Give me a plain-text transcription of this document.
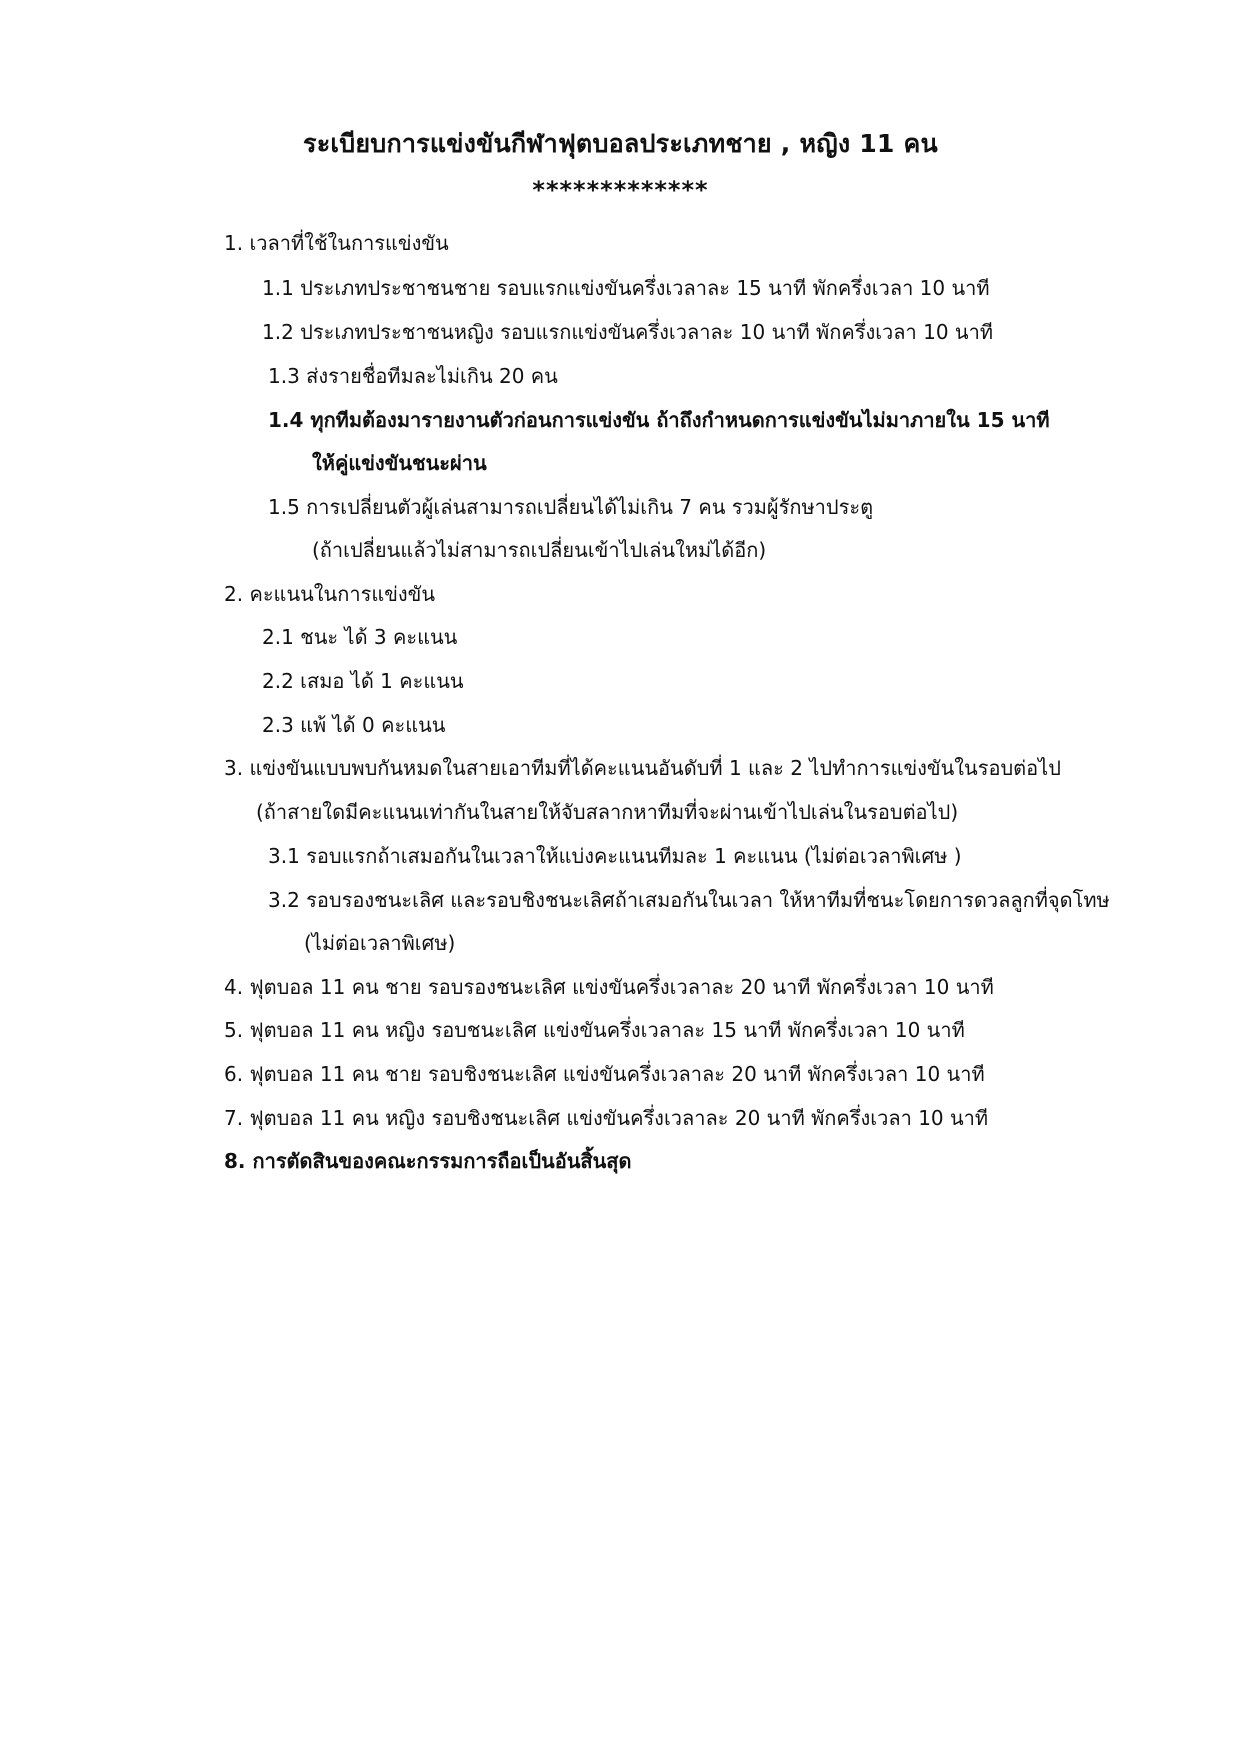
ระเบียบการแข่งขันกีฬาฟุตบอลประเภทชาย , หญิง 11 คน
*************
1. เวลาที่ใช้ในการแข่งขัน
1.1 ประเภทประชาชนชาย รอบแรกแข่งขันครึ่งเวลาละ 15 นาที พักครึ่งเวลา 10 นาที
1.2 ประเภทประชาชนหญิง รอบแรกแข่งขันครึ่งเวลาละ 10 นาที พักครึ่งเวลา 10 นาที
1.3 ส่งรายชื่อทีมละไม่เกิน 20 คน
1.4 ทุกทีมต้องมารายงานตัวก่อนการแข่งขัน ถ้าถึงกำหนดการแข่งขันไม่มาภายใน 15 นาที
ให้คู่แข่งขันชนะผ่าน
1.5 การเปลี่ยนตัวผู้เล่นสามารถเปลี่ยนได้ไม่เกิน 7 คน รวมผู้รักษาประตู
(ถ้าเปลี่ยนแล้วไม่สามารถเปลี่ยนเข้าไปเล่นใหม่ได้อีก)
2. คะแนนในการแข่งขัน
2.1 ชนะ ได้ 3 คะแนน
2.2 เสมอ ได้ 1 คะแนน
2.3 แพ้ ได้ 0 คะแนน
3. แข่งขันแบบพบกันหมดในสายเอาทีมที่ได้คะแนนอันดับที่ 1 และ 2 ไปทำการแข่งขันในรอบต่อไป
(ถ้าสายใดมีคะแนนเท่ากันในสายให้จับสลากหาทีมที่จะผ่านเข้าไปเล่นในรอบต่อไป)
3.1 รอบแรกถ้าเสมอกันในเวลาให้แบ่งคะแนนทีมละ 1 คะแนน (ไม่ต่อเวลาพิเศษ )
3.2 รอบรองชนะเลิศ และรอบชิงชนะเลิศถ้าเสมอกันในเวลา ให้หาทีมที่ชนะโดยการดวลลูกที่จุดโทษ
(ไม่ต่อเวลาพิเศษ)
4. ฟุตบอล 11 คน ชาย รอบรองชนะเลิศ แข่งขันครึ่งเวลาละ 20 นาที พักครึ่งเวลา 10 นาที
5. ฟุตบอล 11 คน หญิง รอบชนะเลิศ แข่งขันครึ่งเวลาละ 15 นาที พักครึ่งเวลา 10 นาที
6. ฟุตบอล 11 คน ชาย รอบชิงชนะเลิศ แข่งขันครึ่งเวลาละ 20 นาที พักครึ่งเวลา 10 นาที
7. ฟุตบอล 11 คน หญิง รอบชิงชนะเลิศ แข่งขันครึ่งเวลาละ 20 นาที พักครึ่งเวลา 10 นาที
8. การตัดสินของคณะกรรมการถือเป็นอันสิ้นสุด
